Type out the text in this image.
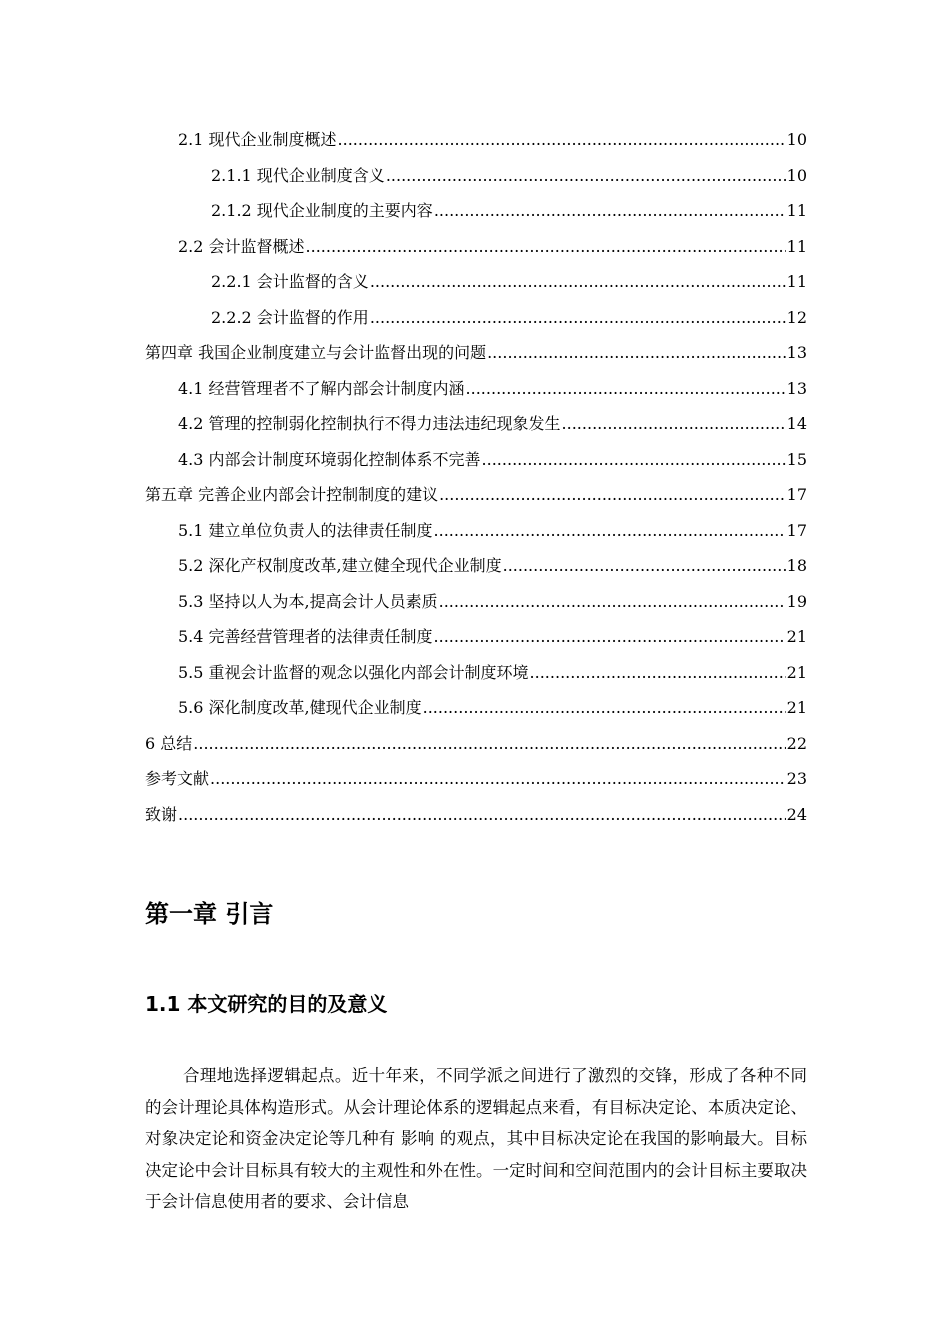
2.1 现代企业制度概述 .....	10
2.1.1 现代企业制度含义 .....	10
2.1.2 现代企业制度的主要内容 .....	11
2.2 会计监督概述 .....	11
2.2.1 会计监督的含义 .....	11
2.2.2 会计监督的作用 .....	12
第四章 我国企业制度建立与会计监督出现的问题 .....	13
4.1 经营管理者不了解内部会计制度内涵 .....	13
4.2 管理的控制弱化控制执行不得力违法违纪现象发生 .....	14
4.3 内部会计制度环境弱化控制体系不完善 .....	15
第五章 完善企业内部会计控制制度的建议 .....	17
5.1 建立单位负责人的法律责任制度 .....	17
5.2 深化产权制度改革,建立健全现代企业制度 .....	18
5.3 坚持以人为本,提高会计人员素质 .....	19
5.4 完善经营管理者的法律责任制度 .....	21
5.5 重视会计监督的观念以强化内部会计制度环境 .....	21
5.6 深化制度改革,健现代企业制度 .....	21
6 总结 .....	22
参考文献 .....	23
致谢 .....	24
第一章 引言
1.1 本文研究的目的及意义

合理地选择逻辑起点。近十年来，不同学派之间进行了激烈的交锋，形成了各种不同的会计理论具体构造形式。从会计理论体系的逻辑起点来看，有目标决定论、本质决定论、对象决定论和资金决定论等几种有 影响 的观点，其中目标决定论在我国的影响最大。目标决定论中会计目标具有较大的主观性和外在性。一定时间和空间范围内的会计目标主要取决于会计信息使用者的要求、会计信息
